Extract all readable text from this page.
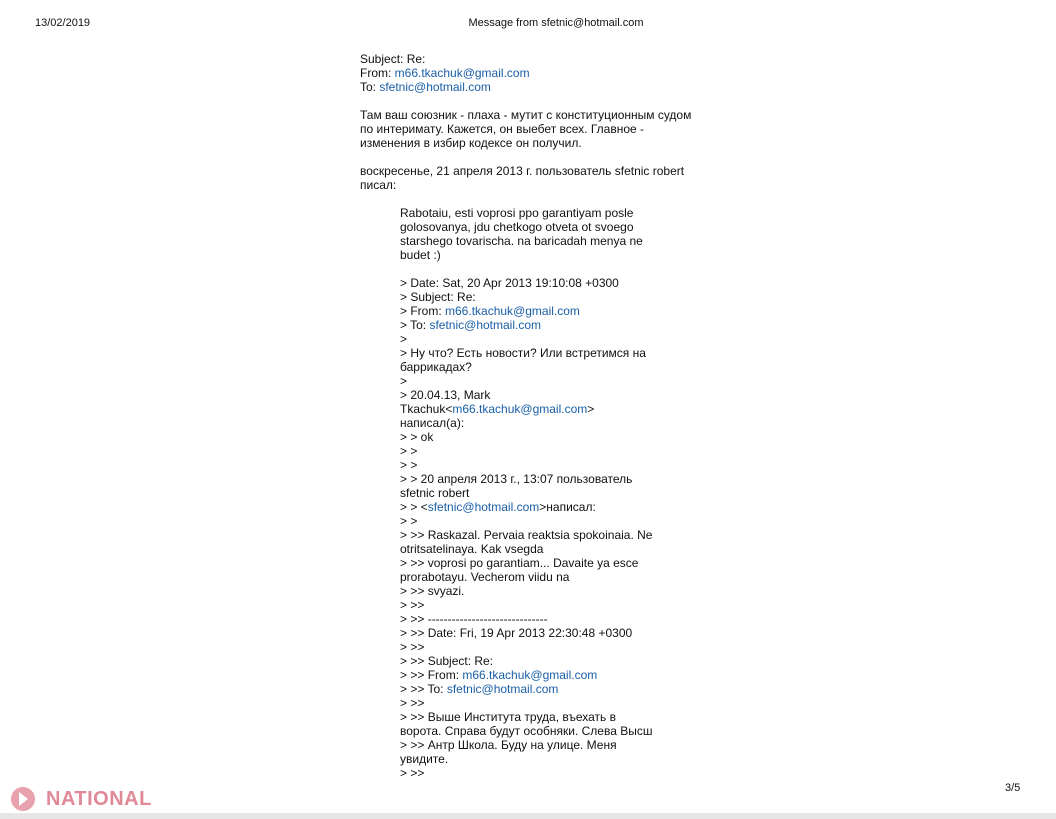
13/02/2019	Message from sfetnic@hotmail.com
Subject: Re:
From: m66.tkachuk@gmail.com
To: sfetnic@hotmail.com
Там ваш союзник - плаха - мутит с конституционным судом
по интеримату. Кажется, он выебет всех. Главное -
изменения в избир кодексе он получил.
воскресенье, 21 апреля 2013 г. пользователь sfetnic robert
писал:
Rabotaiu, esti voprosi ppo garantiyam posle
golosovanya, jdu chetkogo otveta ot svoego
starshego tovarischa. na baricadah menya ne
budet :)
> Date: Sat, 20 Apr 2013 19:10:08 +0300
> Subject: Re:
> From: m66.tkachuk@gmail.com
> To: sfetnic@hotmail.com
>
> Ну что? Есть новости? Или встретимся на
баррикадах?
>
> 20.04.13, Mark
Tkachuk<m66.tkachuk@gmail.com>
написал(а):
> > ok
> >
> >
> > 20 апреля 2013 г., 13:07 пользователь
sfetnic robert
> > <sfetnic@hotmail.com>написал:
> >
> >> Raskazal. Pervaia reaktsia spokoinaia. Ne
otritsatelinaya. Kak vsegda
> >> voprosi po garantiam... Davaite ya esce
prorabotayu. Vecherom viidu na
> >> svyazi.
> >>
> >> ------------------------------
> >> Date: Fri, 19 Apr 2013 22:30:48 +0300
> >>
> >> Subject: Re:
> >> From: m66.tkachuk@gmail.com
> >> To: sfetnic@hotmail.com
> >>
> >> Выше Института труда, въехать в
ворота. Справа будут особняки. Слева Высш
> >> Антр Школа. Буду на улице. Меня
увидите.
> >>
NATIONAL	3/5
